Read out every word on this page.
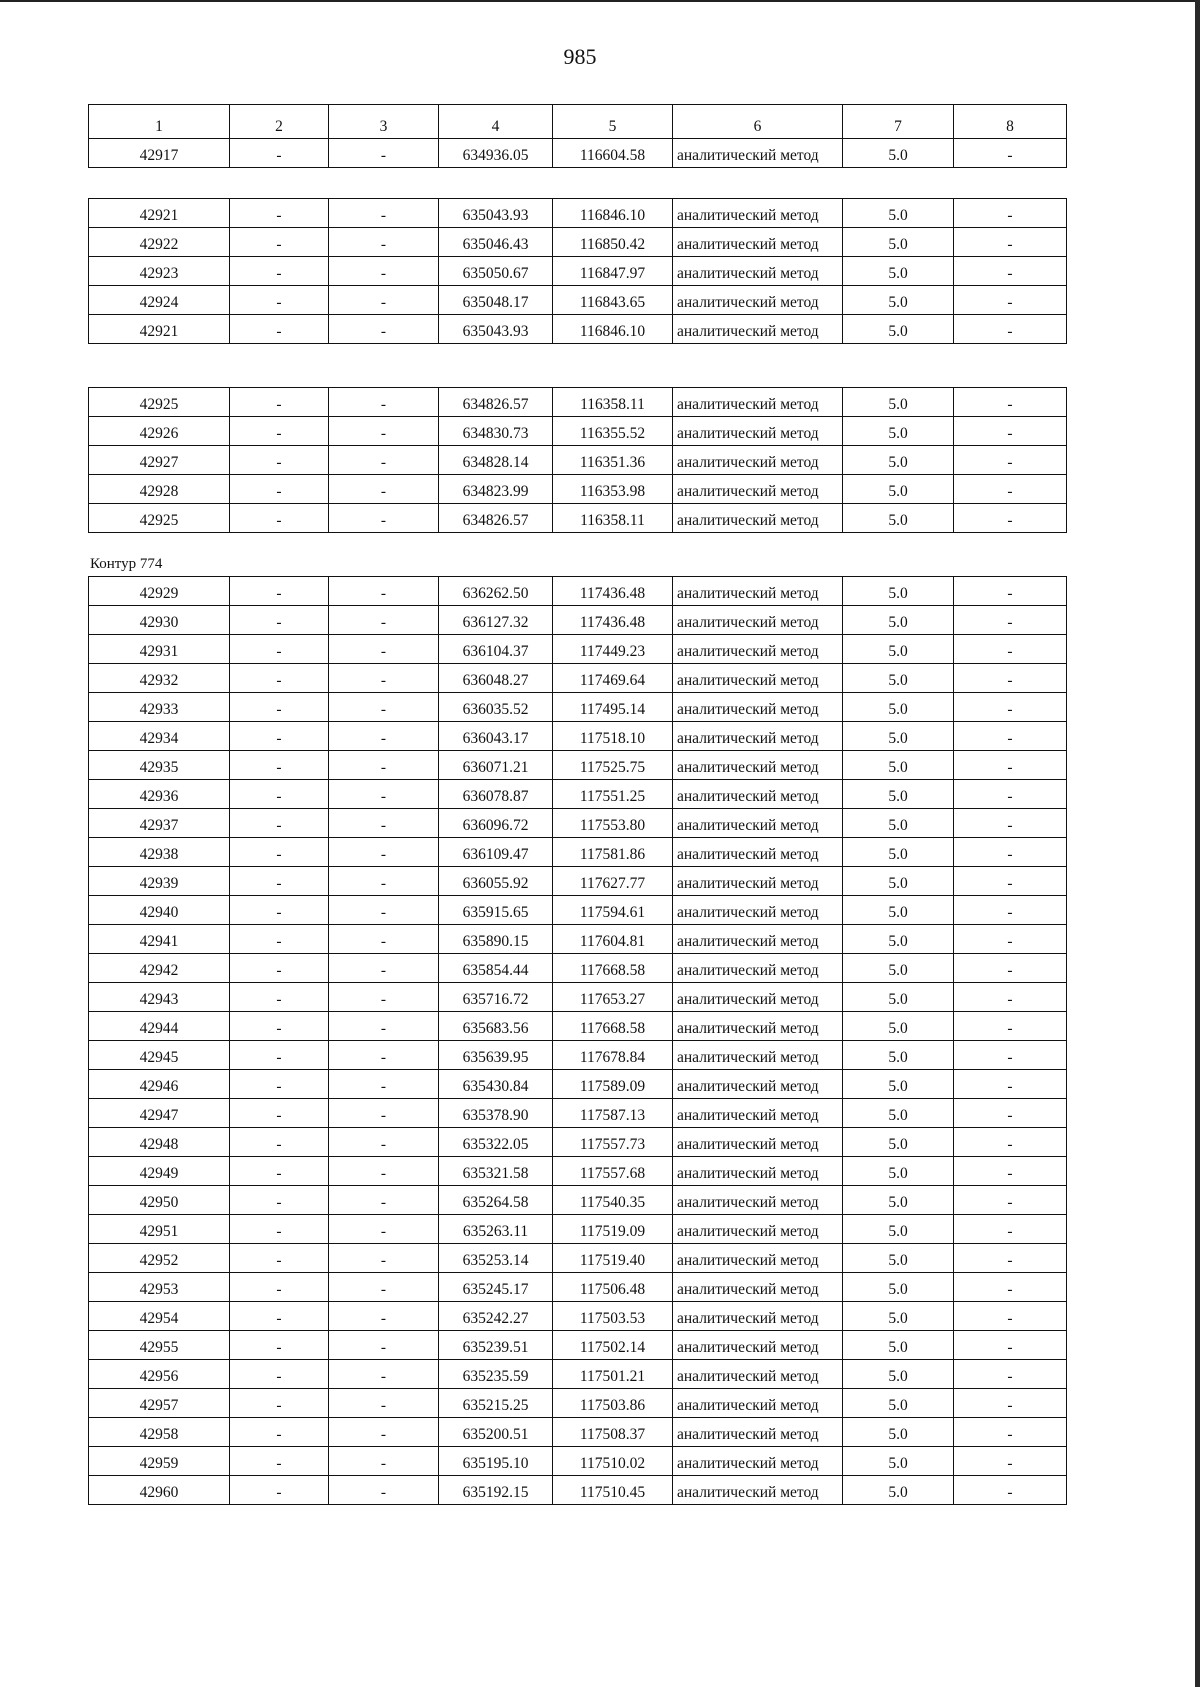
985
1	2	3	4	5	6	7	8
42917	-	-	634936.05	116604.58	аналитический метод	5.0	-
42921	-	-	635043.93	116846.10	аналитический метод	5.0	-
42922	-	-	635046.43	116850.42	аналитический метод	5.0	-
42923	-	-	635050.67	116847.97	аналитический метод	5.0	-
42924	-	-	635048.17	116843.65	аналитический метод	5.0	-
42921	-	-	635043.93	116846.10	аналитический метод	5.0	-
42925	-	-	634826.57	116358.11	аналитический метод	5.0	-
42926	-	-	634830.73	116355.52	аналитический метод	5.0	-
42927	-	-	634828.14	116351.36	аналитический метод	5.0	-
42928	-	-	634823.99	116353.98	аналитический метод	5.0	-
42925	-	-	634826.57	116358.11	аналитический метод	5.0	-
Контур 774
42929	-	-	636262.50	117436.48	аналитический метод	5.0	-
42930	-	-	636127.32	117436.48	аналитический метод	5.0	-
42931	-	-	636104.37	117449.23	аналитический метод	5.0	-
42932	-	-	636048.27	117469.64	аналитический метод	5.0	-
42933	-	-	636035.52	117495.14	аналитический метод	5.0	-
42934	-	-	636043.17	117518.10	аналитический метод	5.0	-
42935	-	-	636071.21	117525.75	аналитический метод	5.0	-
42936	-	-	636078.87	117551.25	аналитический метод	5.0	-
42937	-	-	636096.72	117553.80	аналитический метод	5.0	-
42938	-	-	636109.47	117581.86	аналитический метод	5.0	-
42939	-	-	636055.92	117627.77	аналитический метод	5.0	-
42940	-	-	635915.65	117594.61	аналитический метод	5.0	-
42941	-	-	635890.15	117604.81	аналитический метод	5.0	-
42942	-	-	635854.44	117668.58	аналитический метод	5.0	-
42943	-	-	635716.72	117653.27	аналитический метод	5.0	-
42944	-	-	635683.56	117668.58	аналитический метод	5.0	-
42945	-	-	635639.95	117678.84	аналитический метод	5.0	-
42946	-	-	635430.84	117589.09	аналитический метод	5.0	-
42947	-	-	635378.90	117587.13	аналитический метод	5.0	-
42948	-	-	635322.05	117557.73	аналитический метод	5.0	-
42949	-	-	635321.58	117557.68	аналитический метод	5.0	-
42950	-	-	635264.58	117540.35	аналитический метод	5.0	-
42951	-	-	635263.11	117519.09	аналитический метод	5.0	-
42952	-	-	635253.14	117519.40	аналитический метод	5.0	-
42953	-	-	635245.17	117506.48	аналитический метод	5.0	-
42954	-	-	635242.27	117503.53	аналитический метод	5.0	-
42955	-	-	635239.51	117502.14	аналитический метод	5.0	-
42956	-	-	635235.59	117501.21	аналитический метод	5.0	-
42957	-	-	635215.25	117503.86	аналитический метод	5.0	-
42958	-	-	635200.51	117508.37	аналитический метод	5.0	-
42959	-	-	635195.10	117510.02	аналитический метод	5.0	-
42960	-	-	635192.15	117510.45	аналитический метод	5.0	-
